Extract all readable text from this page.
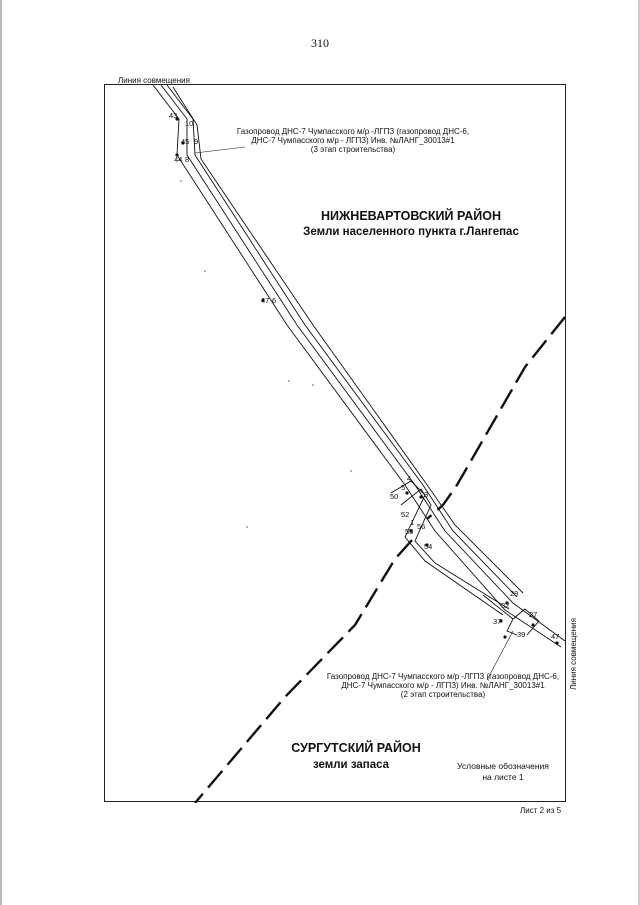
310
Линия совмещения
43
10
45 9
44 8
47 6
4
5
50	3
1
52
53
56
54
29
32
27
37
39	47
Газопровод ДНС-7 Чумпасского м/р -ЛГПЗ (газопровод ДНС-6,
ДНС-7 Чумпасского м/р - ЛГПЗ) Инв. №ЛАНГ_30013#1
(3 этап строительства)
НИЖНЕВАРТОВСКИЙ РАЙОН
Земли населенного пункта г.Лангепас
Газопровод ДНС-7 Чумпасского м/р -ЛГПЗ (газопровод ДНС-6,
ДНС-7 Чумпасского м/р - ЛГПЗ) Инв. №ЛАНГ_30013#1
(2 этап строительства)
СУРГУТСКИЙ РАЙОН
земли запаса	Условные обозначения
на листе 1
Линия совмещения
Лист 2 из 5
